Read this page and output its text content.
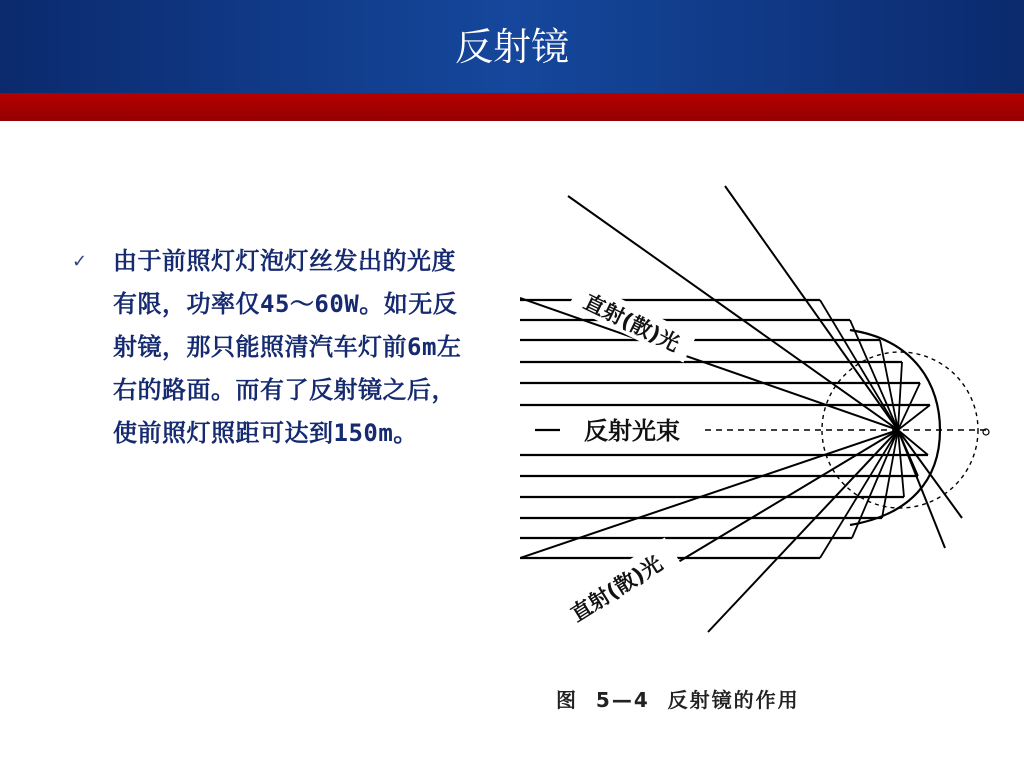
反射镜
✓ 由于前照灯灯泡灯丝发出的光度有限，功率仅45～60W。如无反射镜，那只能照清汽车灯前6m左右的路面。而有了反射镜之后，使前照灯照距可达到150m。
直射(散)光
反射光束
直射(散)光
图  5—4  反射镜的作用
